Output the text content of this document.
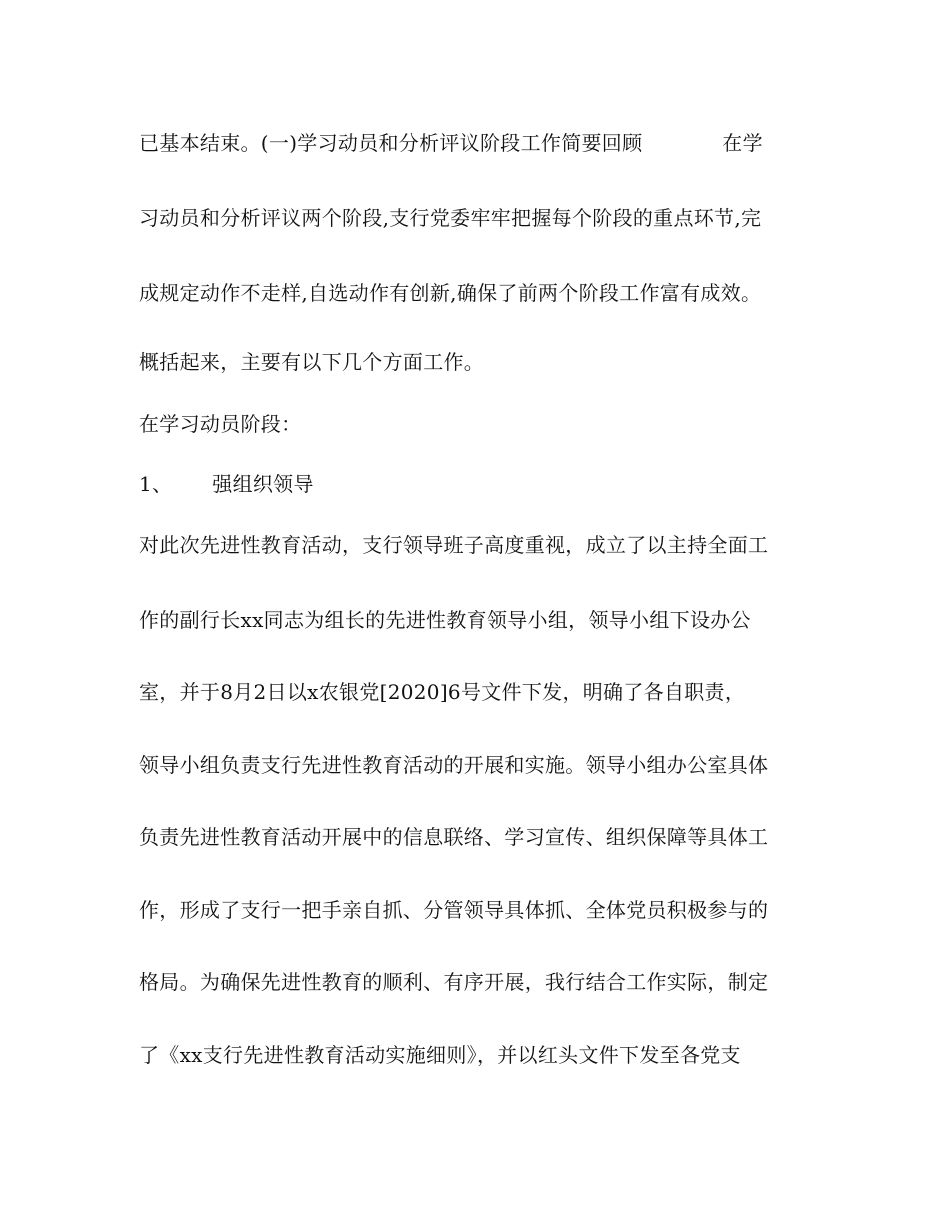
已基本结束。(一)学习动员和分析评议阶段工作简要回顾            在学
习动员和分析评议两个阶段,支行党委牢牢把握每个阶段的重点环节,完
成规定动作不走样,自选动作有创新,确保了前两个阶段工作富有成效。
概括起来，主要有以下几个方面工作。
在学习动员阶段：
1、      强组织领导
对此次先进性教育活动，支行领导班子高度重视，成立了以主持全面工
作的副行长xx同志为组长的先进性教育领导小组，领导小组下设办公
室，并于8月2日以x农银党[2020]6号文件下发，明确了各自职责，
领导小组负责支行先进性教育活动的开展和实施。领导小组办公室具体
负责先进性教育活动开展中的信息联络、学习宣传、组织保障等具体工
作，形成了支行一把手亲自抓、分管领导具体抓、全体党员积极参与的
格局。为确保先进性教育的顺利、有序开展，我行结合工作实际，制定
了《xx支行先进性教育活动实施细则》，并以红头文件下发至各党支
